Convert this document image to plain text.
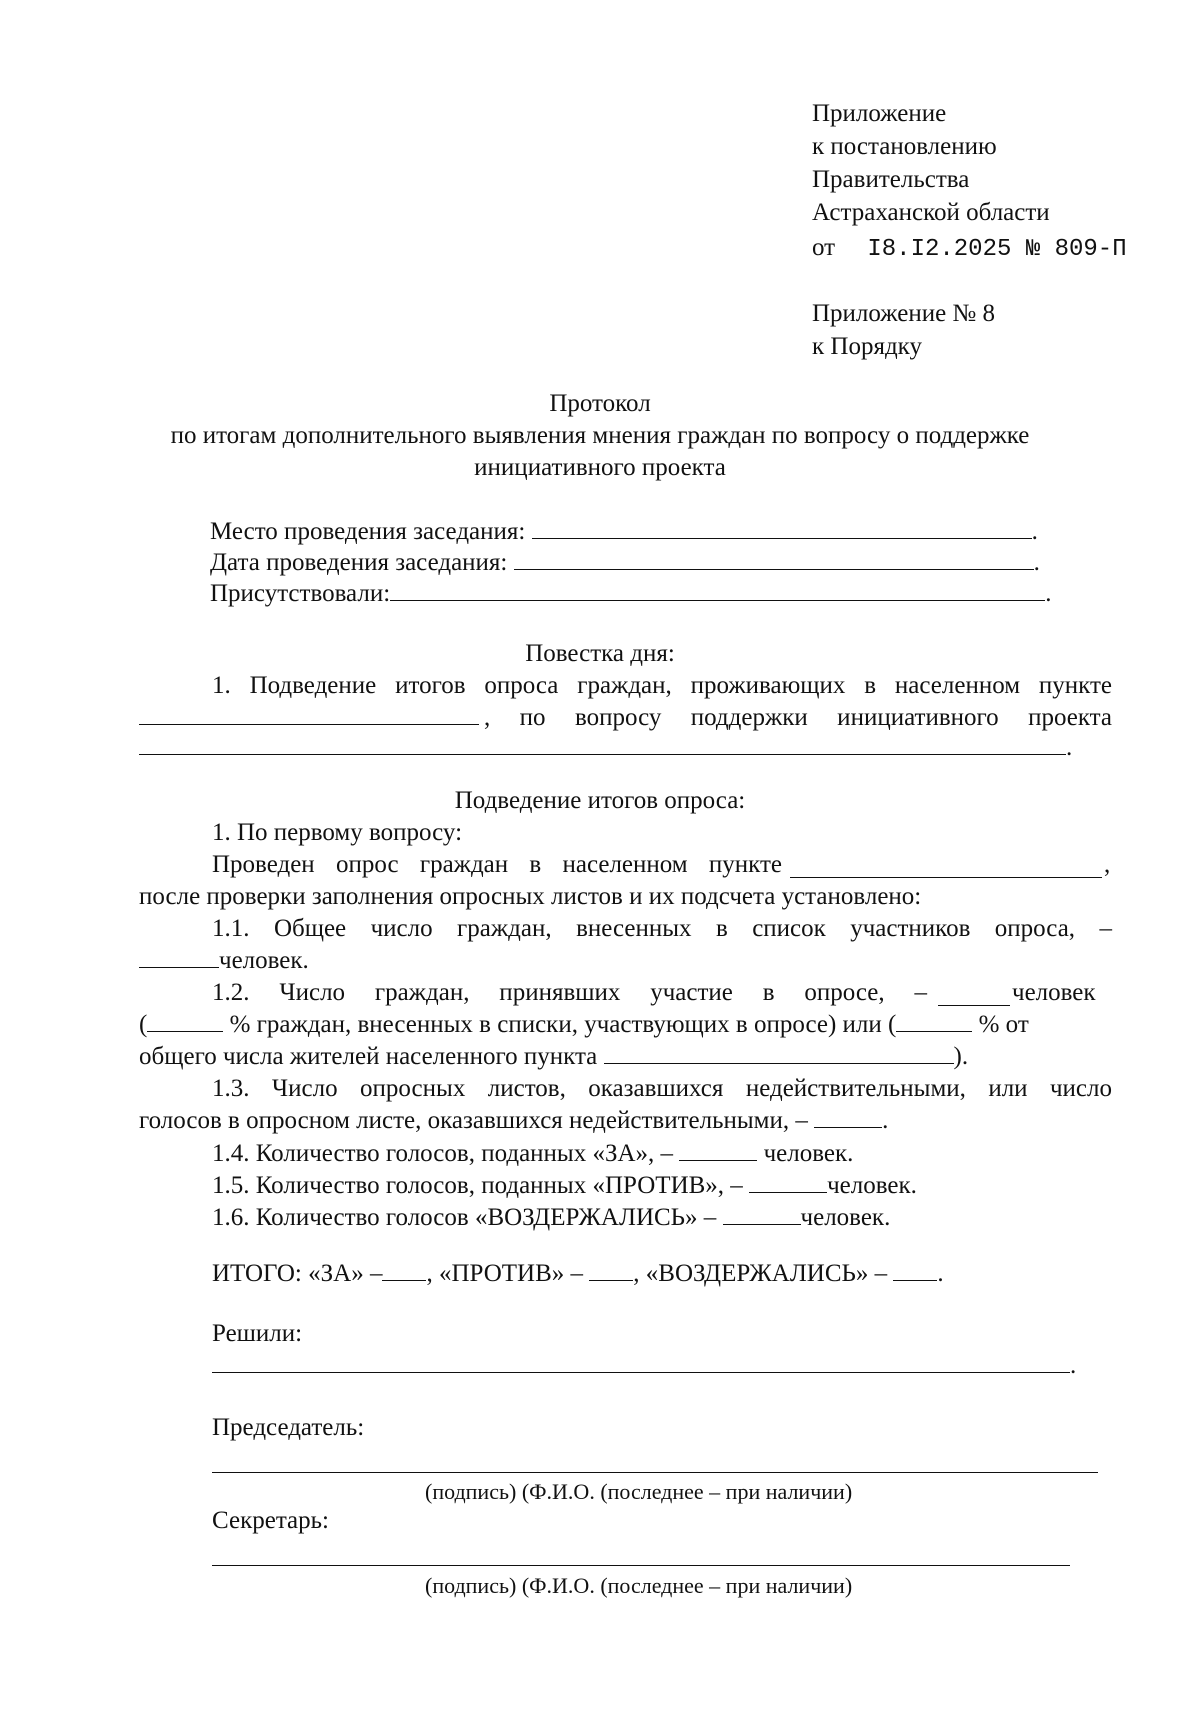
Приложение
к постановлению
Правительства
Астраханской области
от I8.I2.2025 № 809-П
Приложение № 8
к Порядку
Протокол
по итогам дополнительного выявления мнения граждан по вопросу о поддержке
инициативного проекта
Место проведения заседания:	.
Дата проведения заседания:	.
Присутствовали:	.
Повестка дня:
1. Подведение итогов опроса граждан, проживающих в населенном пункте
, по вопросу поддержки инициативного проекта
.
Подведение итогов опроса:
1. По первому вопросу:
Проведен опрос граждан в населенном пункте	,
после проверки заполнения опросных листов и их подсчета установлено:
1.1. Общее число граждан, внесенных в список участников опроса, –
человек.
1.2. Число граждан, принявших участие в опросе, –	человек
(	% граждан, внесенных в списки, участвующих в опросе) или (	% от
общего числа жителей населенного пункта	).
1.3. Число опросных листов, оказавшихся недействительными, или число
голосов в опросном листе, оказавшихся недействительными, –	.
1.4. Количество голосов, поданных «ЗА», –	человек.
1.5. Количество голосов, поданных «ПРОТИВ», –	человек.
1.6. Количество голосов «ВОЗДЕРЖАЛИСЬ» –	человек.
ИТОГО: «ЗА» – , «ПРОТИВ» – , «ВОЗДЕРЖАЛИСЬ» – .
Решили:
.
Председатель:
(подпись) (Ф.И.О. (последнее – при наличии)
Секретарь:
(подпись) (Ф.И.О. (последнее – при наличии)
